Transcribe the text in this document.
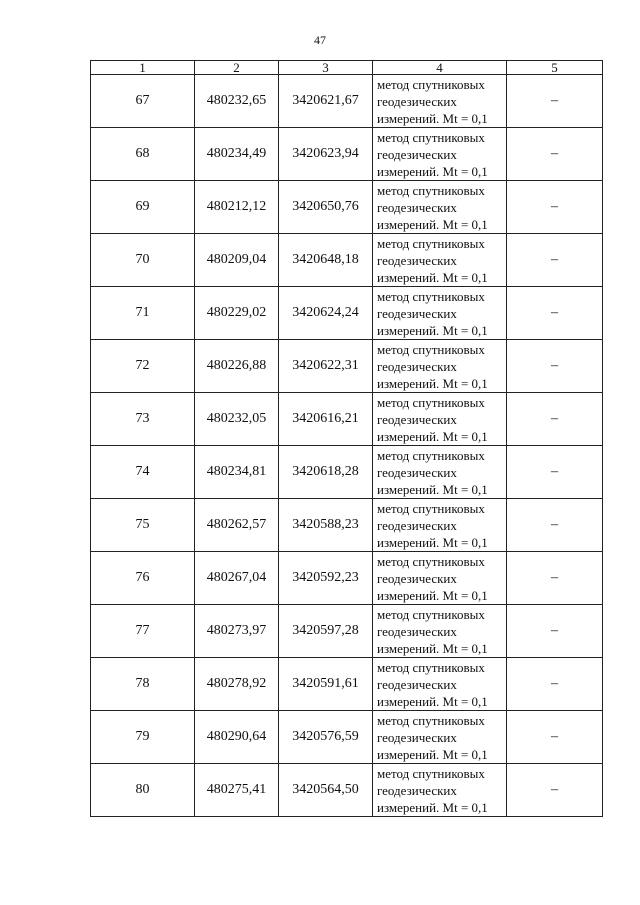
47
1	2	3	4	5
67	480232,65	3420621,67	метод спутниковых
геодезических
измерений. Mt = 0,1	–
68	480234,49	3420623,94	метод спутниковых
геодезических
измерений. Mt = 0,1	–
69	480212,12	3420650,76	метод спутниковых
геодезических
измерений. Mt = 0,1	–
70	480209,04	3420648,18	метод спутниковых
геодезических
измерений. Mt = 0,1	–
71	480229,02	3420624,24	метод спутниковых
геодезических
измерений. Mt = 0,1	–
72	480226,88	3420622,31	метод спутниковых
геодезических
измерений. Mt = 0,1	–
73	480232,05	3420616,21	метод спутниковых
геодезических
измерений. Mt = 0,1	–
74	480234,81	3420618,28	метод спутниковых
геодезических
измерений. Mt = 0,1	–
75	480262,57	3420588,23	метод спутниковых
геодезических
измерений. Mt = 0,1	–
76	480267,04	3420592,23	метод спутниковых
геодезических
измерений. Mt = 0,1	–
77	480273,97	3420597,28	метод спутниковых
геодезических
измерений. Mt = 0,1	–
78	480278,92	3420591,61	метод спутниковых
геодезических
измерений. Mt = 0,1	–
79	480290,64	3420576,59	метод спутниковых
геодезических
измерений. Mt = 0,1	–
80	480275,41	3420564,50	метод спутниковых
геодезических
измерений. Mt = 0,1	–
